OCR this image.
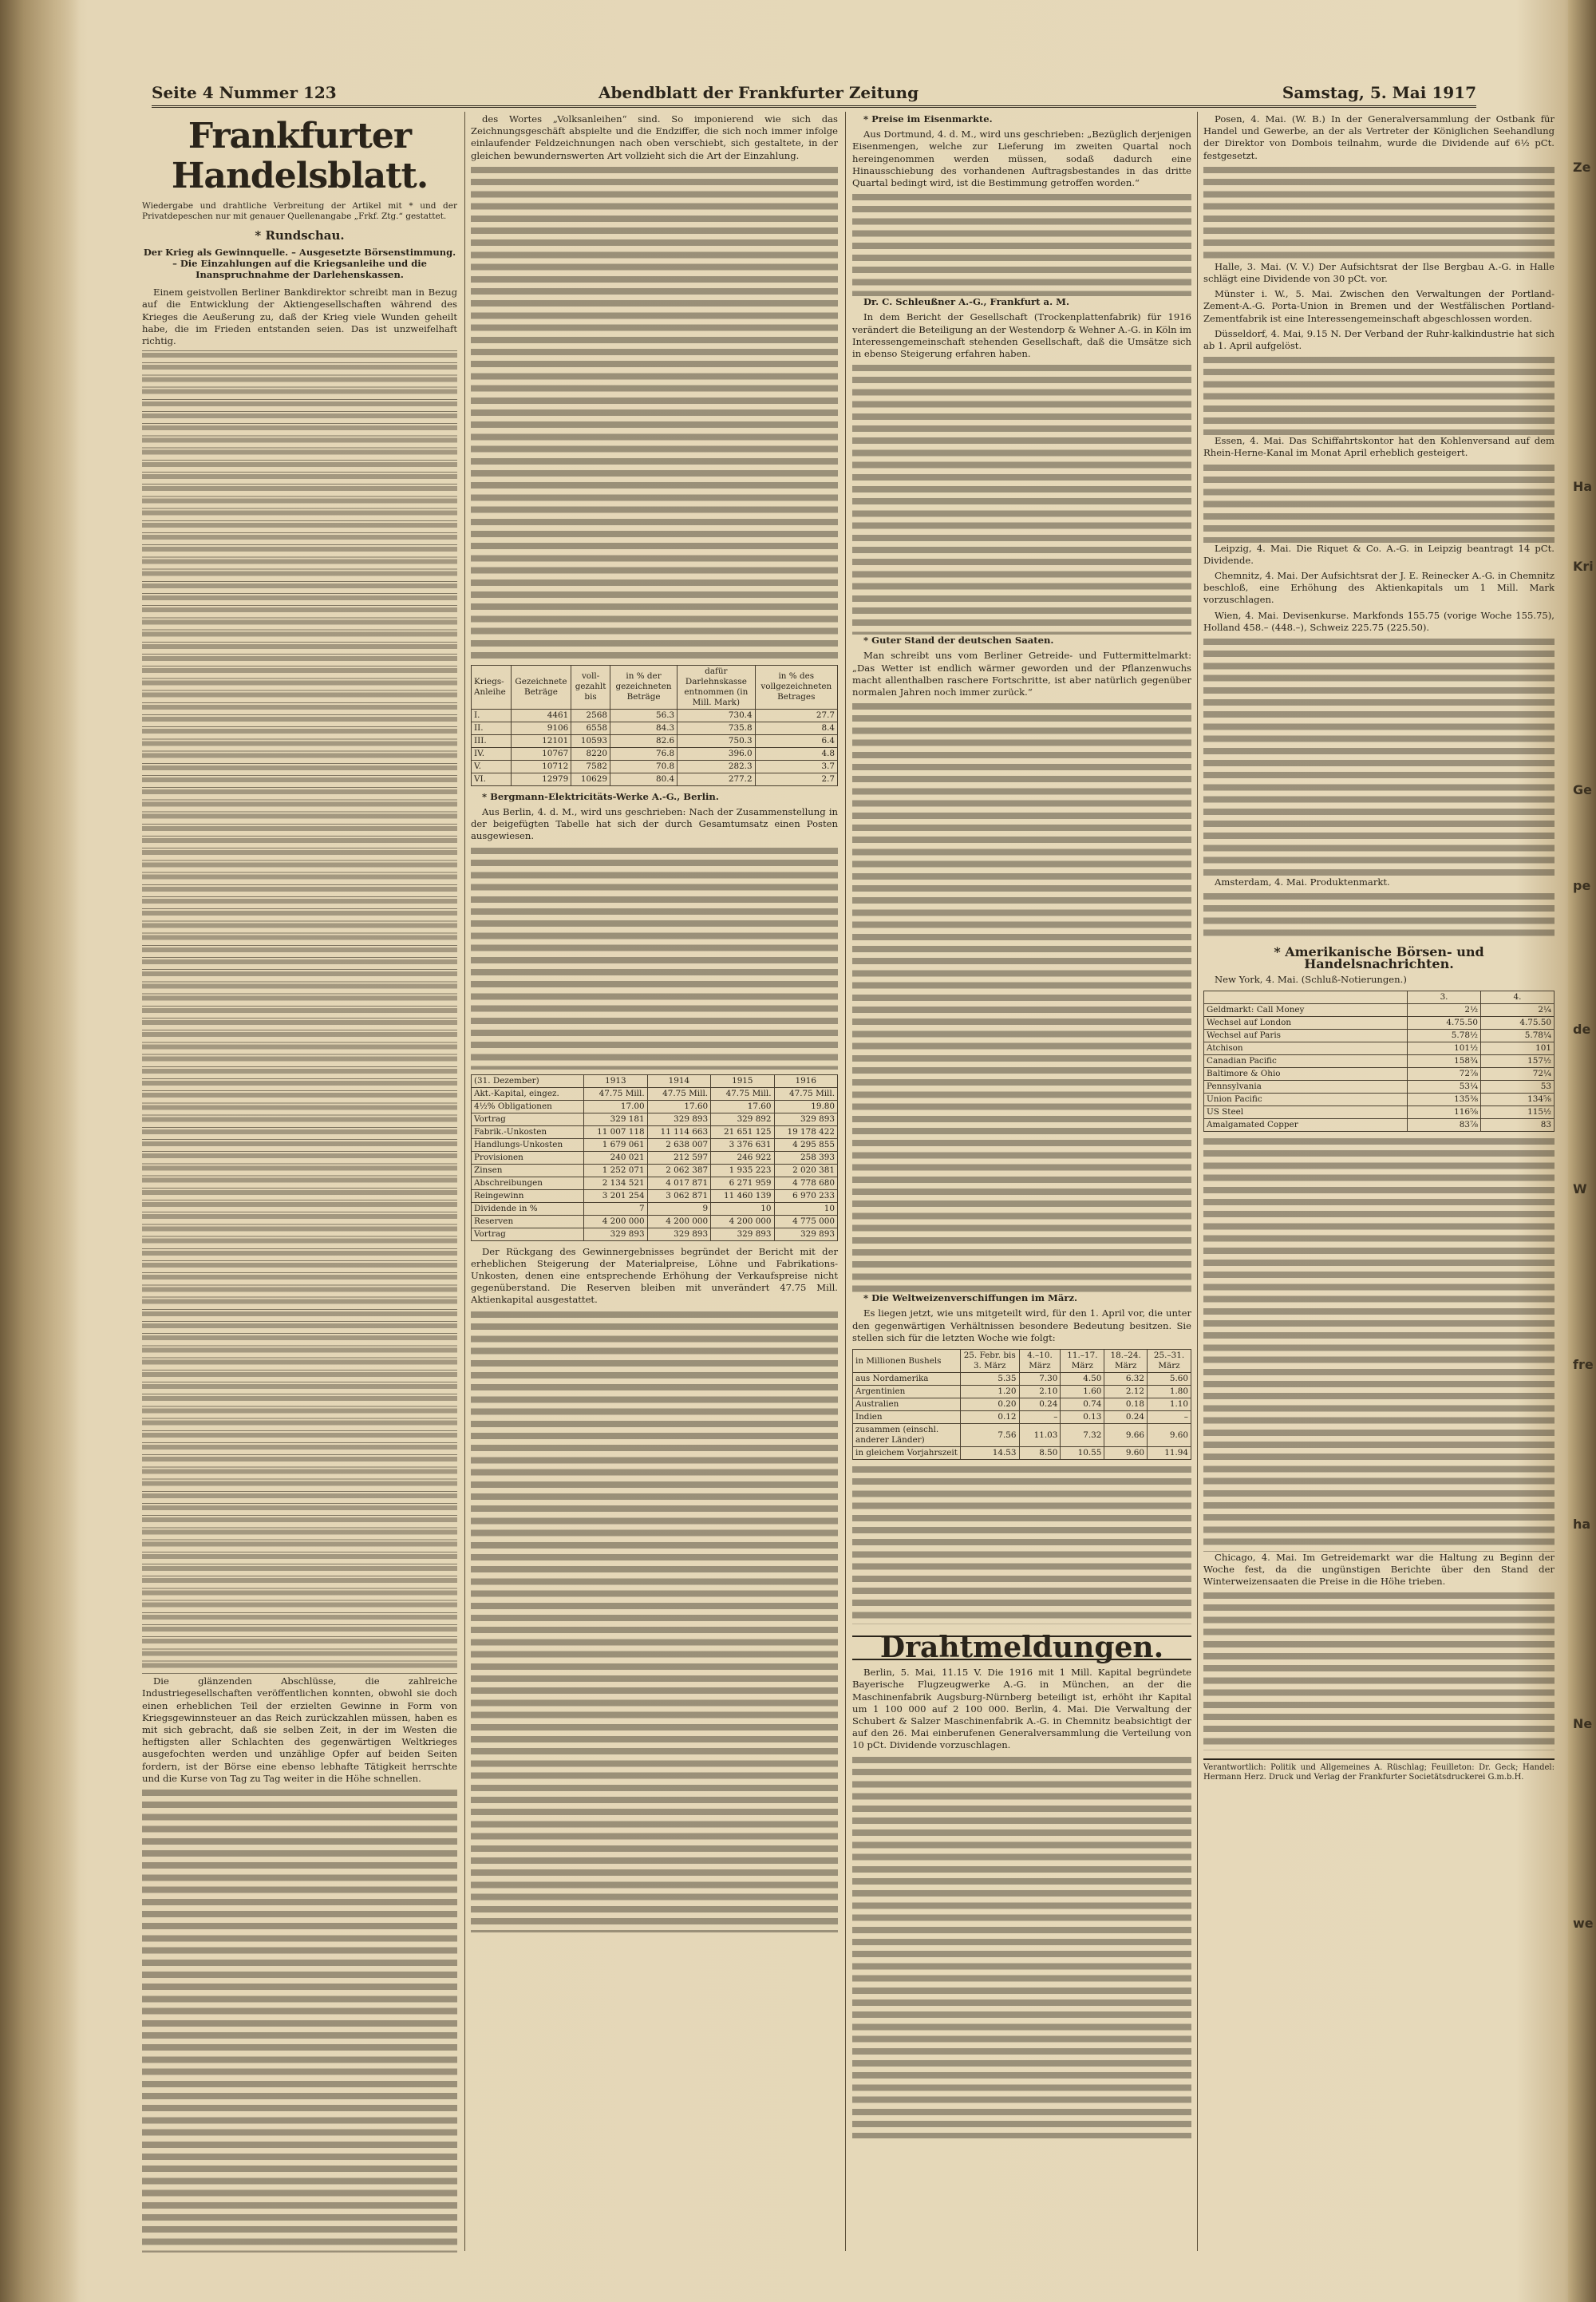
Ze
Ha
Kri
Ge
pe
de
W
fre
ha
Ne
we
Seite 4 Nummer 123	Abendblatt der Frankfurter Zeitung	Samstag, 5. Mai 1917
Frankfurter Handelsblatt.
Wiedergabe und drahtliche Verbreitung der Artikel mit * und der Privatdepeschen nur mit genauer Quellenangabe „Frkf. Ztg.“ gestattet.
* Rundschau.
Der Krieg als Gewinnquelle. – Ausgesetzte Börsenstimmung. – Die Einzahlungen auf die Kriegsanleihe und die Inanspruchnahme der Darlehenskassen.

Einem geistvollen Berliner Bankdirektor schreibt man in Bezug auf die Entwicklung der Aktiengesellschaften während des Krieges die Aeußerung zu, daß der Krieg viele Wunden geheilt habe, die im Frieden entstanden seien. Das ist unzweifelhaft richtig.

Die glänzenden Abschlüsse, die zahlreiche Industriegesellschaften veröffentlichen konnten, obwohl sie doch einen erheblichen Teil der erzielten Gewinne in Form von Kriegsgewinnsteuer an das Reich zurückzahlen müssen, haben es mit sich gebracht, daß sie selben Zeit, in der im Westen die heftigsten aller Schlachten des gegenwärtigen Weltkrieges ausgefochten werden und unzählige Opfer auf beiden Seiten fordern, ist der Börse eine ebenso lebhafte Tätigkeit herrschte und die Kurse von Tag zu Tag weiter in die Höhe schnellen.

des Wortes „Volksanleihen“ sind. So imponierend wie sich das Zeichnungsgeschäft abspielte und die Endziffer, die sich noch immer infolge einlaufender Feldzeichnungen nach oben verschiebt, sich gestaltete, in der gleichen bewundernswerten Art vollzieht sich die Art der Einzahlung.

Kriegs-Anleihe	Gezeichnete Beträge	voll-gezahlt bis	in % der gezeichneten Beträge	dafür Darlehnskasse entnommen (in Mill. Mark)	in % des vollgezeichneten Betrages
I.	4461	2568	56.3	730.4	27.7
II.	9106	6558	84.3	735.8	8.4
III.	12101	10593	82.6	750.3	6.4
IV.	10767	8220	76.8	396.0	4.8
V.	10712	7582	70.8	282.3	3.7
VI.	12979	10629	80.4	277.2	2.7

* Bergmann-Elektricitäts-Werke A.-G., Berlin.

Aus Berlin, 4. d. M., wird uns geschrieben: Nach der Zusammenstellung in der beigefügten Tabelle hat sich der durch Gesamtumsatz einen Posten ausgewiesen.

(31. Dezember)	1913	1914	1915	1916
Akt.-Kapital, eingez.	47.75 Mill.	47.75 Mill.	47.75 Mill.	47.75 Mill.
4½% Obligationen	17.00	17.60	17.60	19.80
Vortrag	329 181	329 893	329 892	329 893
Fabrik.-Unkosten	11 007 118	11 114 663	21 651 125	19 178 422
Handlungs-Unkosten	1 679 061	2 638 007	3 376 631	4 295 855
Provisionen	240 021	212 597	246 922	258 393
Zinsen	1 252 071	2 062 387	1 935 223	2 020 381
Abschreibungen	2 134 521	4 017 871	6 271 959	4 778 680
Reingewinn	3 201 254	3 062 871	11 460 139	6 970 233
Dividende in %	7	9	10	10
Reserven	4 200 000	4 200 000	4 200 000	4 775 000
Vortrag	329 893	329 893	329 893	329 893

Der Rückgang des Gewinnergebnisses begründet der Bericht mit der erheblichen Steigerung der Materialpreise, Löhne und Fabrikations-Unkosten, denen eine entsprechende Erhöhung der Verkaufspreise nicht gegenüberstand. Die Reserven bleiben mit unverändert 47.75 Mill. Aktienkapital ausgestattet.

* Preise im Eisenmarkte.

Aus Dortmund, 4. d. M., wird uns geschrieben: „Bezüglich derjenigen Eisenmengen, welche zur Lieferung im zweiten Quartal noch hereingenommen werden müssen, sodaß dadurch eine Hinausschiebung des vorhandenen Auftragsbestandes in das dritte Quartal bedingt wird, ist die Bestimmung getroffen worden.“

Dr. C. Schleußner A.-G., Frankfurt a. M.

In dem Bericht der Gesellschaft (Trockenplattenfabrik) für 1916 verändert die Beteiligung an der Westendorp & Wehner A.-G. in Köln im Interessengemeinschaft stehenden Gesellschaft, daß die Umsätze sich in ebenso Steigerung erfahren haben.

* Guter Stand der deutschen Saaten.

Man schreibt uns vom Berliner Getreide- und Futtermittelmarkt: „Das Wetter ist endlich wärmer geworden und der Pflanzenwuchs macht allenthalben raschere Fortschritte, ist aber natürlich gegenüber normalen Jahren noch immer zurück.“

* Die Weltweizenverschiffungen im März.

Es liegen jetzt, wie uns mitgeteilt wird, für den 1. April vor, die unter den gegenwärtigen Verhältnissen besondere Bedeutung besitzen. Sie stellen sich für die letzten Woche wie folgt:

in Millionen Bushels	25. Febr. bis 3. März	4.–10. März	11.–17. März	18.–24. März	25.–31. März
aus Nordamerika	5.35	7.30	4.50	6.32	5.60
Argentinien	1.20	2.10	1.60	2.12	1.80
Australien	0.20	0.24	0.74	0.18	1.10
Indien	0.12	–	0.13	0.24	–
zusammen (einschl. anderer Länder)	7.56	11.03	7.32	9.66	9.60
in gleichem Vorjahrszeit	14.53	8.50	10.55	9.60	11.94
Drahtmeldungen.

Berlin, 5. Mai, 11.15 V. Die 1916 mit 1 Mill. Kapital begründete Bayerische Flugzeugwerke A.-G. in München, an der die Maschinenfabrik Augsburg-Nürnberg beteiligt ist, erhöht ihr Kapital um 1 100 000 auf 2 100 000. Berlin, 4. Mai. Die Verwaltung der Schubert & Salzer Maschinenfabrik A.-G. in Chemnitz beabsichtigt der auf den 26. Mai einberufenen Generalversammlung die Verteilung von 10 pCt. Dividende vorzuschlagen.

Posen, 4. Mai. (W. B.) In der Generalversammlung der Ostbank für Handel und Gewerbe, an der als Vertreter der Königlichen Seehandlung der Direktor von Dombois teilnahm, wurde die Dividende auf 6½ pCt. festgesetzt.

Halle, 3. Mai. (V. V.) Der Aufsichtsrat der Ilse Bergbau A.-G. in Halle schlägt eine Dividende von 30 pCt. vor.

Münster i. W., 5. Mai. Zwischen den Verwaltungen der Portland-Zement-A.-G. Porta-Union in Bremen und der Westfälischen Portland-Zementfabrik ist eine Interessengemeinschaft abgeschlossen worden.

Düsseldorf, 4. Mai, 9.15 N. Der Verband der Ruhr-kalkindustrie hat sich ab 1. April aufgelöst.

Essen, 4. Mai. Das Schiffahrtskontor hat den Kohlenversand auf dem Rhein-Herne-Kanal im Monat April erheblich gesteigert.

Leipzig, 4. Mai. Die Riquet & Co. A.-G. in Leipzig beantragt 14 pCt. Dividende.

Chemnitz, 4. Mai. Der Aufsichtsrat der J. E. Reinecker A.-G. in Chemnitz beschloß, eine Erhöhung des Aktienkapitals um 1 Mill. Mark vorzuschlagen.

Wien, 4. Mai. Devisenkurse. Markfonds 155.75 (vorige Woche 155.75), Holland 458.– (448.–), Schweiz 225.75 (225.50).

Amsterdam, 4. Mai. Produktenmarkt.

* Amerikanische Börsen- und Handelsnachrichten.

New York, 4. Mai. (Schluß-Notierungen.)

	3.	4.
Geldmarkt: Call Money	2½	2¼
Wechsel auf London	4.75.50	4.75.50
Wechsel auf Paris	5.78½	5.78¼
Atchison	101½	101
Canadian Pacific	158¾	157½
Baltimore & Ohio	72⅞	72¼
Pennsylvania	53¼	53
Union Pacific	135⅜	134⅝
US Steel	116⅝	115½
Amalgamated Copper	83⅞	83

Chicago, 4. Mai. Im Getreidemarkt war die Haltung zu Beginn der Woche fest, da die ungünstigen Berichte über den Stand der Winterweizensaaten die Preise in die Höhe trieben.

Verantwortlich: Politik und Allgemeines A. Rüschlag; Feuilleton: Dr. Geck; Handel: Hermann Herz. Druck und Verlag der Frankfurter Societätsdruckerei G.m.b.H.
